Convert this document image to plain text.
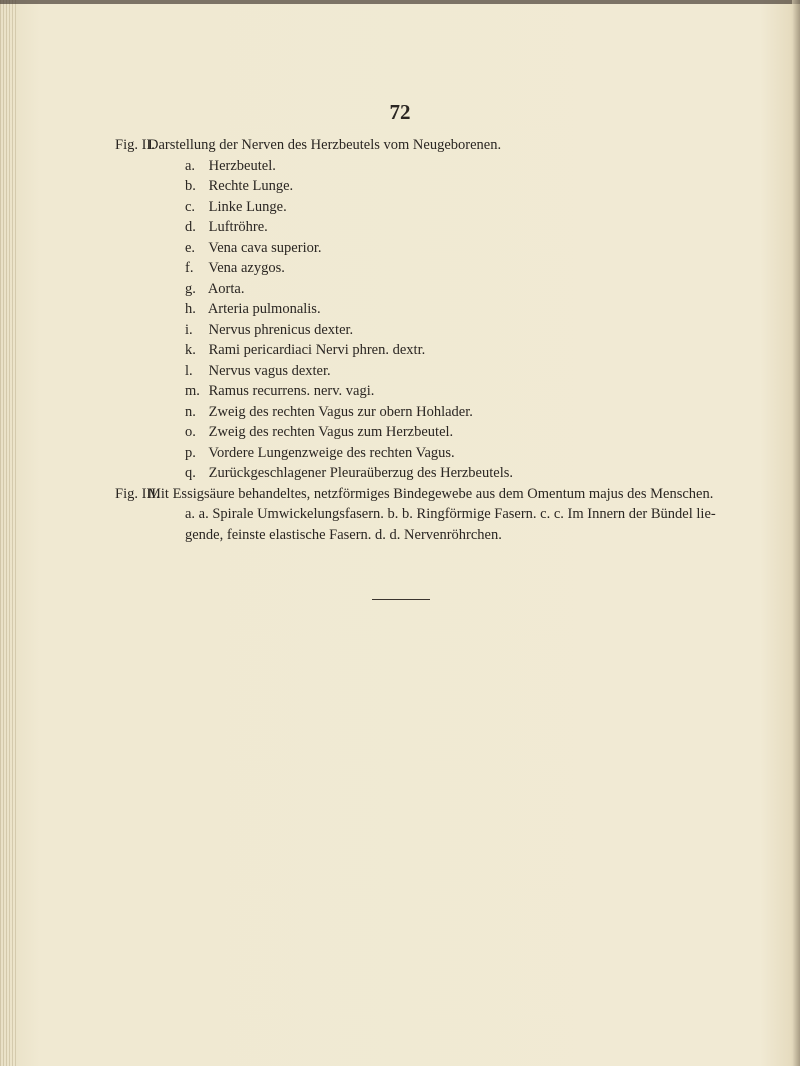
72
Fig. II.
Darstellung der Nerven des Herzbeutels vom Neugeborenen.
a. Herzbeutel.
b. Rechte Lunge.
c. Linke Lunge.
d. Luftröhre.
e. Vena cava superior.
f. Vena azygos.
g. Aorta.
h. Arteria pulmonalis.
i. Nervus phrenicus dexter.
k. Rami pericardiaci Nervi phren. dextr.
l. Nervus vagus dexter.
m. Ramus recurrens. nerv. vagi.
n. Zweig des rechten Vagus zur obern Hohlader.
o. Zweig des rechten Vagus zum Herzbeutel.
p. Vordere Lungenzweige des rechten Vagus.
q. Zurückgeschlagener Pleuraüberzug des Herzbeutels.
Fig. III.
Mit Essigsäure behandeltes, netzförmiges Bindegewebe aus dem Omentum majus des Menschen.
a. a. Spirale Umwickelungsfasern. b. b. Ringförmige Fasern. c. c. Im Innern der Bündel lie-
gende, feinste elastische Fasern. d. d. Nervenröhrchen.
